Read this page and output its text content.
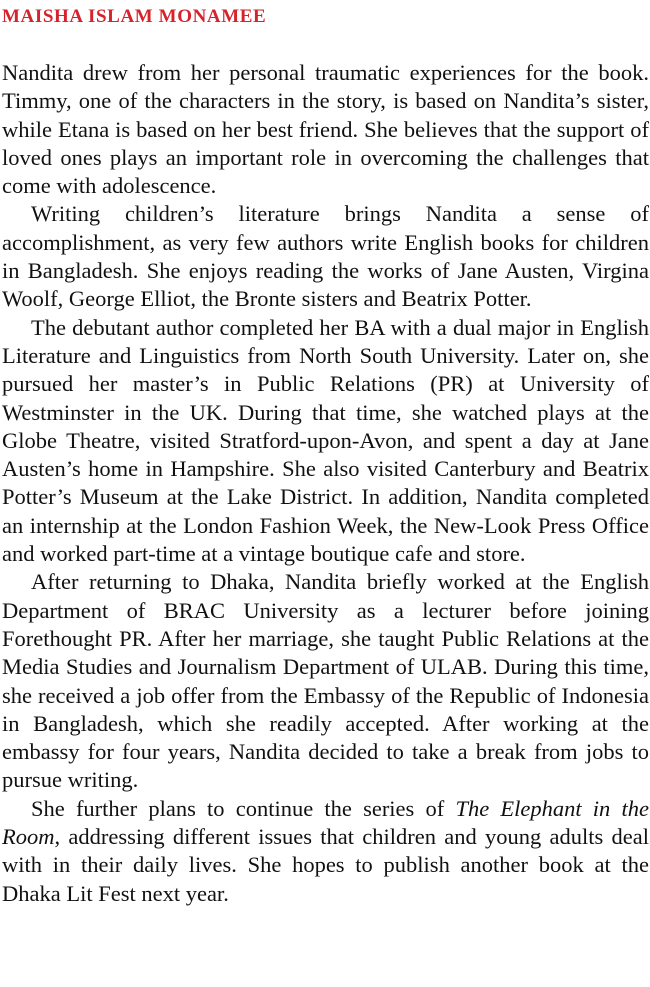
MAISHA ISLAM MONAMEE

Nandita drew from her personal traumatic experiences for the book. Timmy, one of the characters in the story, is based on Nandita’s sister, while Etana is based on her best friend. She believes that the support of loved ones plays an important role in overcoming the challenges that come with adolescence.

Writing children’s literature brings Nandita a sense of accomplishment, as very few authors write English books for children in Bangladesh. She enjoys reading the works of Jane Austen, Virgina Woolf, George Elliot, the Bronte sisters and Beatrix Potter.

The debutant author completed her BA with a dual major in English Literature and Linguistics from North South University. Later on, she pursued her master’s in Public Relations (PR) at University of Westminster in the UK. During that time, she watched plays at the Globe Theatre, visited Stratford-upon-Avon, and spent a day at Jane Austen’s home in Hampshire. She also visited Canterbury and Beatrix Potter’s Museum at the Lake District. In addition, Nandita completed an internship at the London Fashion Week, the New-Look Press Office and worked part-time at a vintage boutique cafe and store.

After returning to Dhaka, Nandita briefly worked at the English Department of BRAC University as a lecturer before joining Forethought PR. After her marriage, she taught Public Relations at the Media Studies and Journalism Department of ULAB. During this time, she received a job offer from the Embassy of the Republic of Indonesia in Bangladesh, which she readily accepted. After working at the embassy for four years, Nandita decided to take a break from jobs to pursue writing.

She further plans to continue the series of The Elephant in the Room, addressing different issues that children and young adults deal with in their daily lives. She hopes to publish another book at the Dhaka Lit Fest next year.
